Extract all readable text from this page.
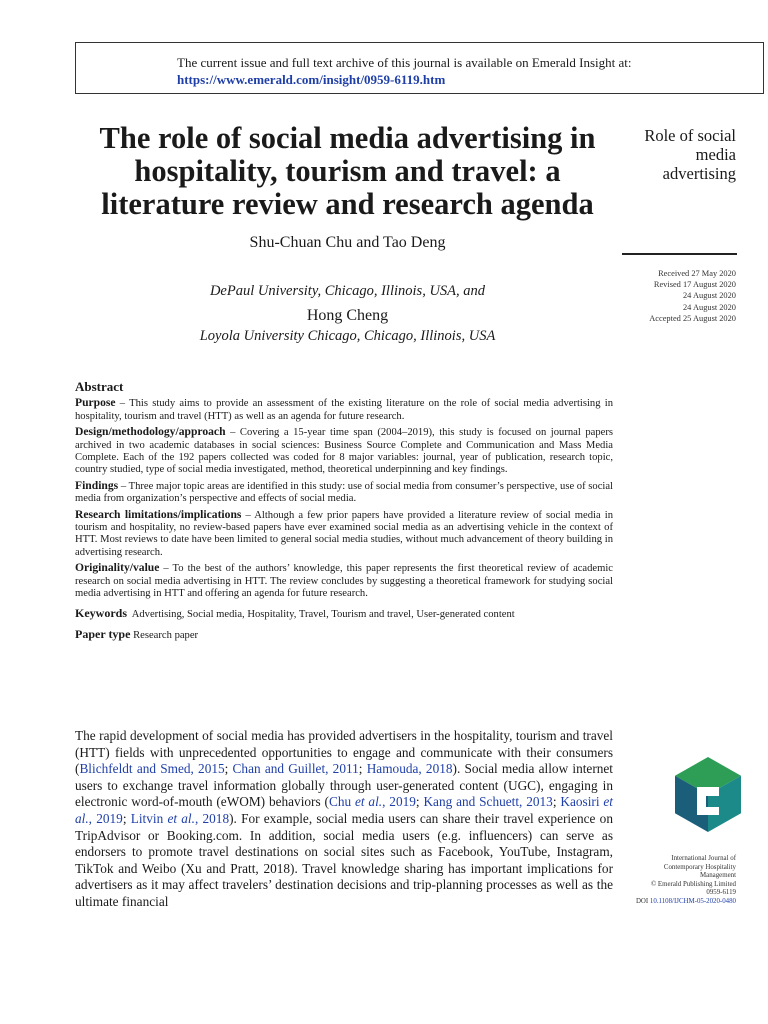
The current issue and full text archive of this journal is available on Emerald Insight at:
https://www.emerald.com/insight/0959-6119.htm
The role of social media advertising in hospitality, tourism and travel: a literature review and research agenda
Shu-Chuan Chu and Tao Deng
DePaul University, Chicago, Illinois, USA, and
Hong Cheng
Loyola University Chicago, Chicago, Illinois, USA
Role of social
media
advertising
Received 27 May 2020
Revised 17 August 2020
24 August 2020
24 August 2020
Accepted 25 August 2020
Abstract

Purpose – This study aims to provide an assessment of the existing literature on the role of social media advertising in hospitality, tourism and travel (HTT) as well as an agenda for future research.

Design/methodology/approach – Covering a 15-year time span (2004–2019), this study is focused on journal papers archived in two academic databases in social sciences: Business Source Complete and Communication and Mass Media Complete. Each of the 192 papers collected was coded for 8 major variables: journal, year of publication, research topic, country studied, type of social media investigated, method, theoretical underpinning and key findings.

Findings – Three major topic areas are identified in this study: use of social media from consumer’s perspective, use of social media from organization’s perspective and effects of social media.

Research limitations/implications – Although a few prior papers have provided a literature review of social media in tourism and hospitality, no review-based papers have ever examined social media as an advertising vehicle in the context of HTT. Most reviews to date have been limited to general social media studies, without much advancement of theory building in advertising research.

Originality/value – To the best of the authors’ knowledge, this paper represents the first theoretical review of academic research on social media advertising in HTT. The review concludes by suggesting a theoretical framework for studying social media advertising in HTT and offering an agenda for future research.

Keywords Advertising, Social media, Hospitality, Travel, Tourism and travel, User-generated content

Paper type Research paper

The rapid development of social media has provided advertisers in the hospitality, tourism and travel (HTT) fields with unprecedented opportunities to engage and communicate with their consumers (Blichfeldt and Smed, 2015; Chan and Guillet, 2011; Hamouda, 2018). Social media allow internet users to exchange travel information globally through user-generated content (UGC), engaging in electronic word-of-mouth (eWOM) behaviors (Chu et al., 2019; Kang and Schuett, 2013; Kaosiri et al., 2019; Litvin et al., 2018). For example, social media users can share their travel experience on TripAdvisor or Booking.com. In addition, social media users (e.g. influencers) can serve as endorsers to promote travel destinations on social sites such as Facebook, YouTube, Instagram, TikTok and Weibo (Xu and Pratt, 2018). Travel knowledge sharing has important implications for advertisers as it may affect travelers’ destination decisions and trip-planning processes as well as the ultimate financial
International Journal of
Contemporary Hospitality
Management
© Emerald Publishing Limited
0959-6119
DOI 10.1108/IJCHM-05-2020-0480
